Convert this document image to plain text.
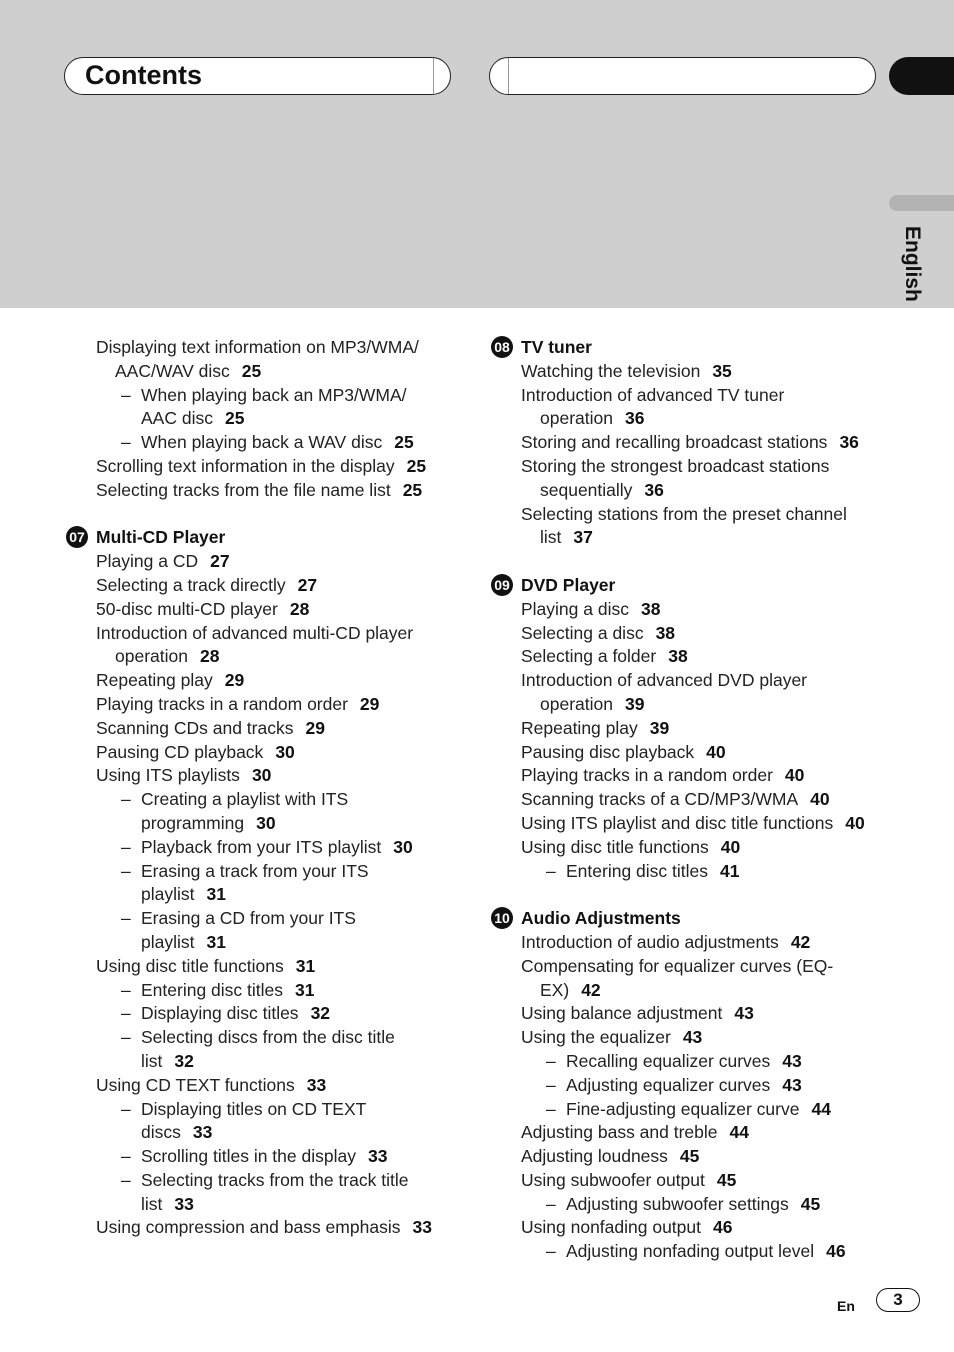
Contents
English
Displaying text information on MP3/WMA/
AAC/WAV disc 25
– When playing back an MP3/WMA/
AAC disc 25
– When playing back a WAV disc 25
Scrolling text information in the display 25
Selecting tracks from the file name list 25
07 Multi-CD Player
Playing a CD 27
Selecting a track directly 27
50-disc multi-CD player 28
Introduction of advanced multi-CD player
operation 28
Repeating play 29
Playing tracks in a random order 29
Scanning CDs and tracks 29
Pausing CD playback 30
Using ITS playlists 30
– Creating a playlist with ITS
programming 30
– Playback from your ITS playlist 30
– Erasing a track from your ITS
playlist 31
– Erasing a CD from your ITS
playlist 31
Using disc title functions 31
– Entering disc titles 31
– Displaying disc titles 32
– Selecting discs from the disc title
list 32
Using CD TEXT functions 33
– Displaying titles on CD TEXT
discs 33
– Scrolling titles in the display 33
– Selecting tracks from the track title
list 33
Using compression and bass emphasis 33
08 TV tuner
Watching the television 35
Introduction of advanced TV tuner
operation 36
Storing and recalling broadcast stations 36
Storing the strongest broadcast stations
sequentially 36
Selecting stations from the preset channel
list 37
09 DVD Player
Playing a disc 38
Selecting a disc 38
Selecting a folder 38
Introduction of advanced DVD player
operation 39
Repeating play 39
Pausing disc playback 40
Playing tracks in a random order 40
Scanning tracks of a CD/MP3/WMA 40
Using ITS playlist and disc title functions 40
Using disc title functions 40
– Entering disc titles 41
10 Audio Adjustments
Introduction of audio adjustments 42
Compensating for equalizer curves (EQ-
EX) 42
Using balance adjustment 43
Using the equalizer 43
– Recalling equalizer curves 43
– Adjusting equalizer curves 43
– Fine-adjusting equalizer curve 44
Adjusting bass and treble 44
Adjusting loudness 45
Using subwoofer output 45
– Adjusting subwoofer settings 45
Using nonfading output 46
– Adjusting nonfading output level 46
En	3
